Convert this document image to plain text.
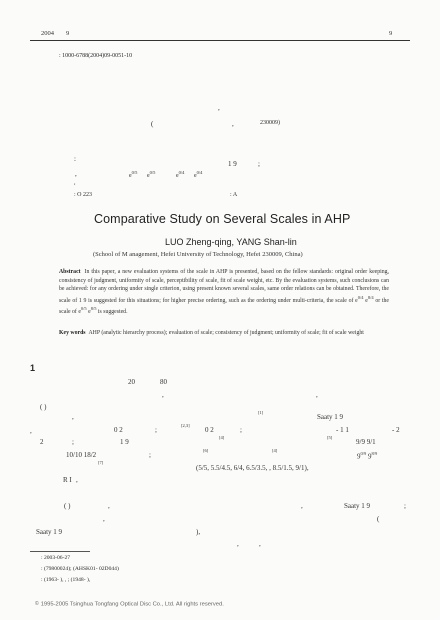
2004 9	9
: 1000-6788(2004)09-0051-10
,
(	,	230009)
:
1 9	;
,	$e^{0/5}$
$e^{0/5}$
$e^{0/4}$
$e^{0/4}$
,
: O 223	: A
Comparative Study on Several Scales in AHP
LUO Zheng-qing, YANG Shan-lin
(School of M anagement, Hefei University of Technology, Hefei 230009, China)
Abstract In this paper, a new evaluation systems of the scale in AHP is presented, based on the fellow standards: original order keeping, consistency of judgment, uniformity of scale, perceptibility of scale, fit of scale weight, etc. By the evaluation systems, such conclusions can be achieved: for any ordering under single criterion, using present known several scales, same order relations can be obtained. Therefore, the scale of 1 9 is suggested for this situations; for higher precise ordering, such as the ordering under multi-criteria, the scale of $e^{0/4}$ $e^{8/4}$ or the scale of $e^{0/5}$ $e^{8/5}$ is suggested.
Key words AHP (analytic hierarchy process); evaluation of scale; consistency of judgment; uniformity of scale; fit of scale weight
1
20	80
,	,
( )
,
[1]
Saaty 1 9
,	0 2	;
[2,3]
0 2	;	- 1 1	- 2
2	;	1 9
[4]	[5]
9/9 9/1
10/10 18/2	;
[6]	[4]
$9^{0/9}$ $9^{8/9}$
[7]
(5/5, 5.5/4.5, 6/4, 6.5/3.5, , 8.5/1.5, 9/1),
R I ,
( )	,	,	Saaty 1 9	;
,	(
Saaty 1 9	),
,	,
: 2003-06-27
: (79800024); (AHSK01- 02D044)
: (1963- ), , ; (1948- ),
© 1995-2005 Tsinghua Tongfang Optical Disc Co., Ltd. All rights reserved.
